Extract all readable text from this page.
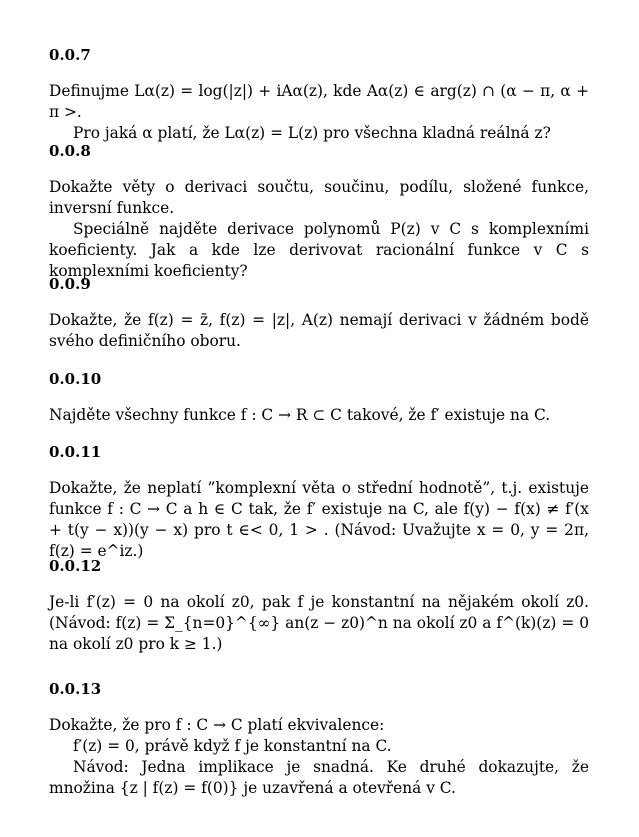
0.0.7

Definujme Lα(z) = log(|z|) + iAα(z), kde Aα(z) ∈ arg(z) ∩ (α − π, α + π >.

Pro jaká α platí, že Lα(z) = L(z) pro všechna kladná reálná z?

0.0.8

Dokažte věty o derivaci součtu, součinu, podílu, složené funkce, inversní funkce.

Speciálně najděte derivace polynomů P(z) v C s komplexními koeficienty. Jak a kde lze derivovat racionální funkce v C s komplexními koeficienty?

0.0.9

Dokažte, že f(z) = z̄, f(z) = |z|, A(z) nemají derivaci v žádném bodě svého definičního oboru.

0.0.10

Najděte všechny funkce f : C → R ⊂ C takové, že f′ existuje na C.

0.0.11

Dokažte, že neplatí ”komplexní věta o střední hodnotě”, t.j. existuje funkce f : C → C a h ∈ C tak, že f′ existuje na C, ale f(y) − f(x) ≠ f′(x + t(y − x))(y − x) pro t ∈< 0, 1 > . (Návod: Uvažujte x = 0, y = 2π, f(z) = e^iz.)

0.0.12

Je-li f′(z) = 0 na okolí z0, pak f je konstantní na nějakém okolí z0. (Návod: f(z) = Σ_{n=0}^{∞} an(z − z0)^n na okolí z0 a f^(k)(z) = 0 na okolí z0 pro k ≥ 1.)

0.0.13

Dokažte, že pro f : C → C platí ekvivalence:

f′(z) = 0, právě když f je konstantní na C.

Návod: Jedna implikace je snadná. Ke druhé dokazujte, že množina {z | f(z) = f(0)} je uzavřená a otevřená v C.
